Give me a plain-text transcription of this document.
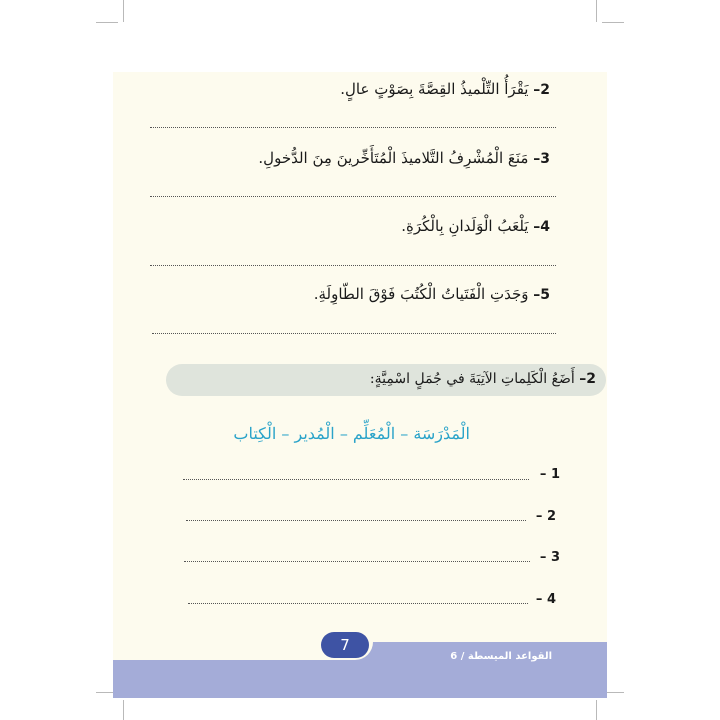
2– يَقْرَأُ التِّلْميذُ القِصَّةَ بِصَوْتٍ عالٍ.
3– مَنَعَ الْمُشْرِفُ التَّلاميذَ الْمُتَأَخِّرينَ مِنَ الدُّخولِ.
4– يَلْعَبُ الْوَلَدانِ بِالْكُرَةِ.
5– وَجَدَتِ الْفَتَياتُ الْكُتُبَ فَوْقَ الطّاوِلَةِ.
2– أَضَعُ الْكَلِماتِ الآتِيَةَ في جُمَلٍ اسْمِيَّةٍ:
الْمَدْرَسَة – الْمُعَلِّم – الْمُدير – الْكِتاب
1 –
2 –
3 –
4 –
7
القواعد الميسطة / 6
